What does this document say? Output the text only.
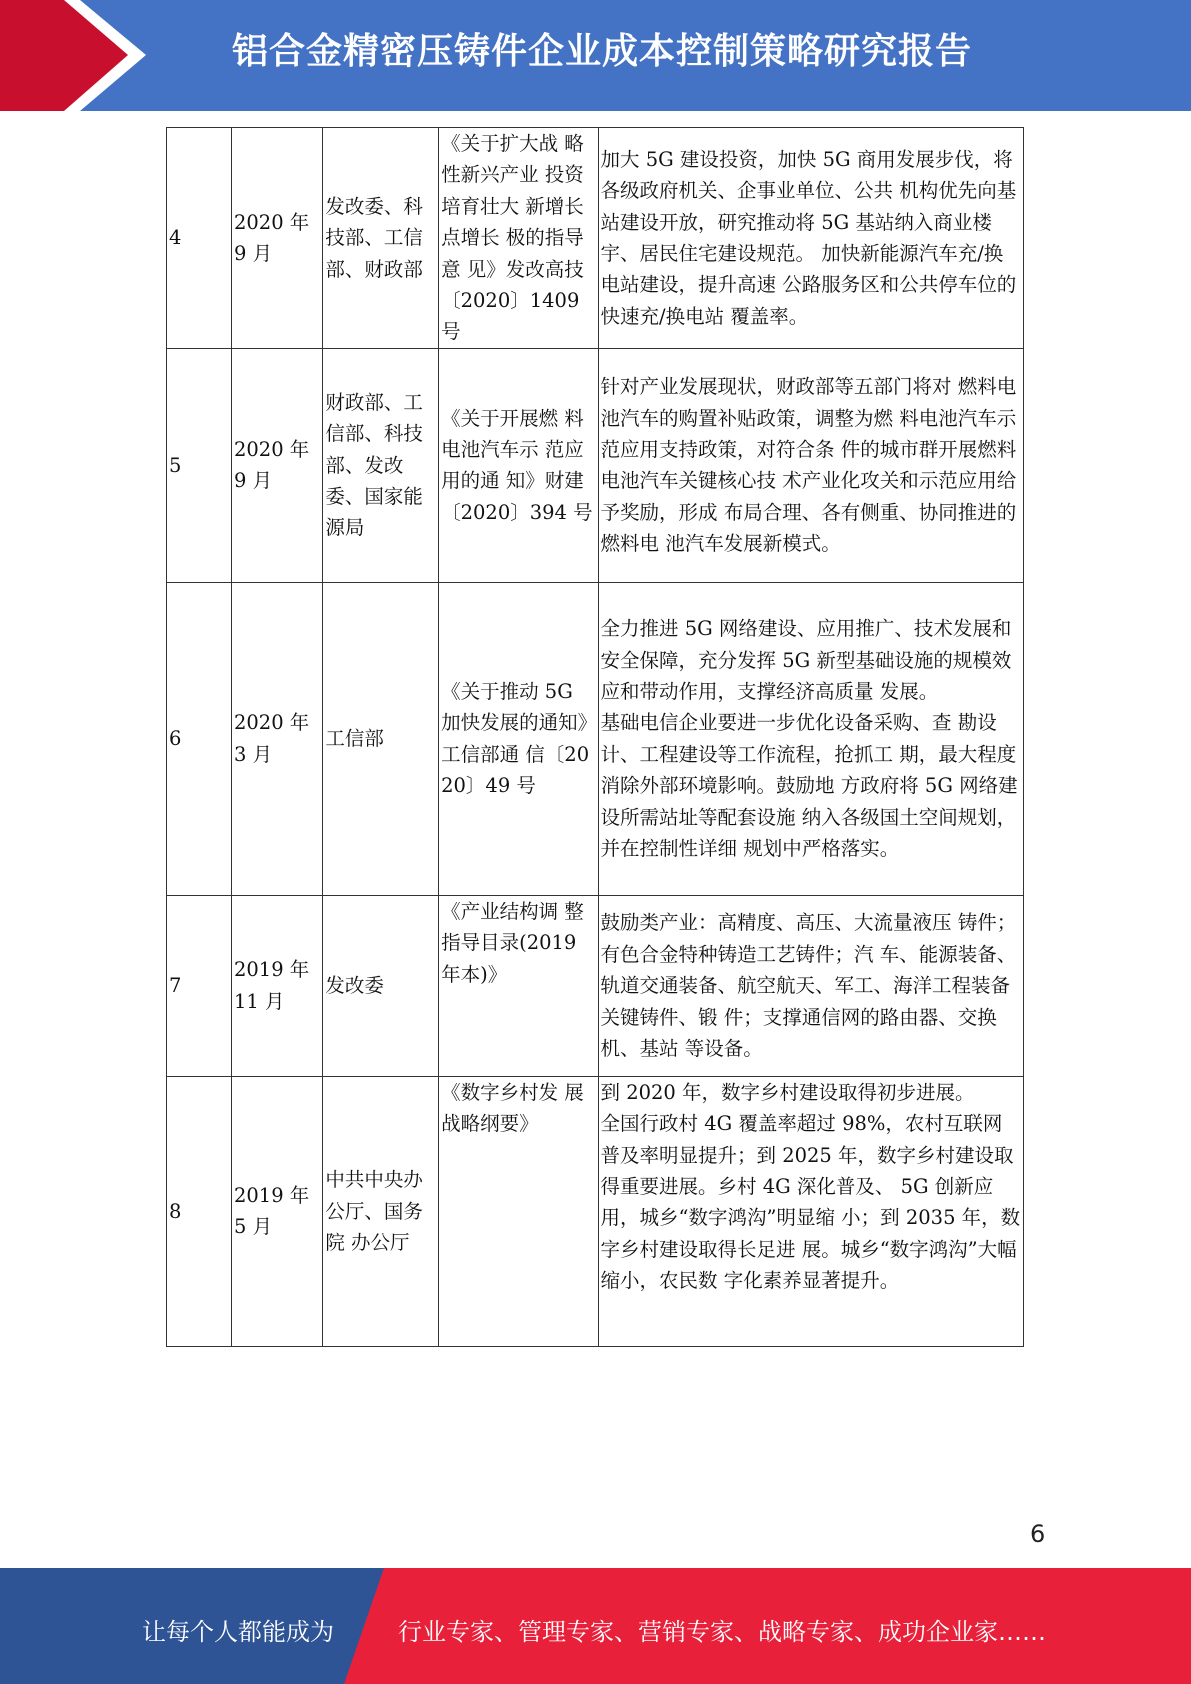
铝合金精密压铸件企业成本控制策略研究报告
4	2020 年 9 月	发改委、科技部、工信部、财政部	《关于扩大战 略性新兴产业 投资培育壮大 新增长点增长 极的指导意 见》发改高技〔2020〕1409 号	加大 5G 建设投资，加快 5G 商用发展步伐，将各级政府机关、企事业单位、公共 机构优先向基站建设开放，研究推动将 5G 基站纳入商业楼宇、居民住宅建设规范。 加快新能源汽车充/换电站建设，提升高速 公路服务区和公共停车位的快速充/换电站 覆盖率。
5	2020 年 9 月	财政部、工信部、科技部、发改委、国家能源局	《关于开展燃 料电池汽车示 范应用的通 知》财建〔2020〕394 号	针对产业发展现状，财政部等五部门将对 燃料电池汽车的购置补贴政策，调整为燃 料电池汽车示范应用支持政策，对符合条 件的城市群开展燃料电池汽车关键核心技 术产业化攻关和示范应用给予奖励，形成 布局合理、各有侧重、协同推进的燃料电 池汽车发展新模式。
6	2020 年 3 月	工信部	《关于推动 5G 加快发展的通知》工信部通 信〔2020〕49 号	全力推进 5G 网络建设、应用推广、技术发展和安全保障，充分发挥 5G 新型基础设施的规模效应和带动作用，支撑经济高质量 发展。
基础电信企业要进一步优化设备采购、查 勘设计、工程建设等工作流程，抢抓工 期，最大程度消除外部环境影响。鼓励地 方政府将 5G 网络建设所需站址等配套设施 纳入各级国土空间规划，并在控制性详细 规划中严格落实。

7	2019 年 11 月	发改委	《产业结构调 整指导目录(2019 年本)》	鼓励类产业：高精度、高压、大流量液压 铸件；有色合金特种铸造工艺铸件；汽 车、能源装备、轨道交通装备、航空航天、军工、海洋工程装备关键铸件、锻 件；支撑通信网的路由器、交换机、基站 等设备。
8	2019 年 5 月	中共中央办公厅、国务院 办公厅	《数字乡村发 展战略纲要》	到 2020 年，数字乡村建设取得初步进展。
全国行政村 4G 覆盖率超过 98%，农村互联网普及率明显提升；到 2025 年，数字乡村建设取得重要进展。乡村 4G 深化普及、 5G 创新应用，城乡“数字鸿沟”明显缩 小；到 2035 年，数字乡村建设取得长足进 展。城乡“数字鸿沟”大幅缩小，农民数 字化素养显著提升。
6
让每个人都能成为	行业专家、管理专家、营销专家、战略专家、成功企业家……
